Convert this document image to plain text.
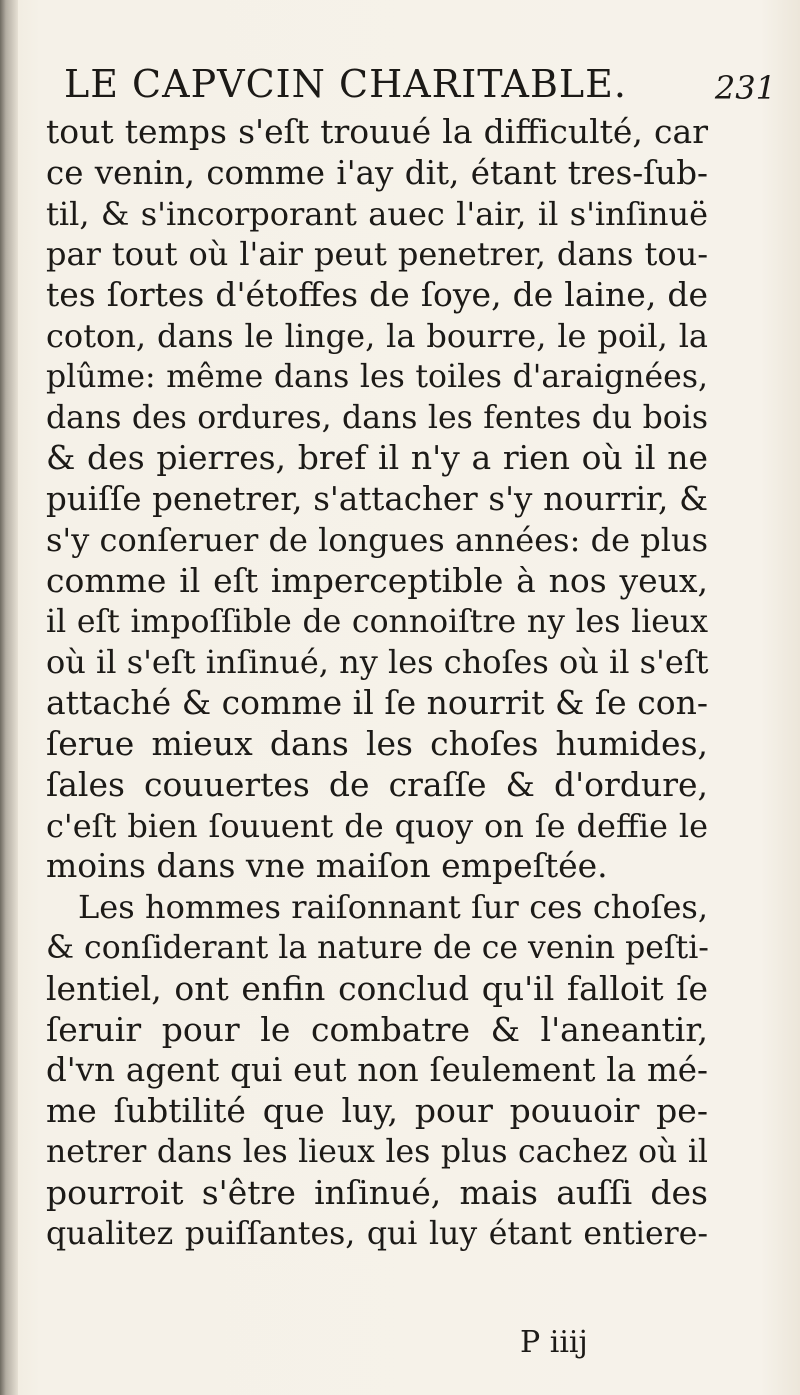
LE CAPVCIN CHARITABLE.	231
tout temps s'eſt trouué la difficulté, car
ce venin, comme i'ay dit, étant tres-ſub-
til, & s'incorporant auec l'air, il s'inſinuë
par tout où l'air peut penetrer, dans tou-
tes ſortes d'étoffes de ſoye, de laine, de
coton, dans le linge, la bourre, le poil, la
plûme: même dans les toiles d'araignées,
dans des ordures, dans les fentes du bois
& des pierres, bref il n'y a rien où il ne
puiſſe penetrer, s'attacher s'y nourrir, &
s'y conſeruer de longues années: de plus
comme il eſt imperceptible à nos yeux,
il eſt impoſſible de connoiſtre ny les lieux
où il s'eſt inſinué, ny les choſes où il s'eſt
attaché & comme il ſe nourrit & ſe con-
ſerue mieux dans les choſes humides,
ſales couuertes de craſſe & d'ordure,
c'eſt bien ſouuent de quoy on ſe deffie le
moins dans vne maiſon empeſtée.
Les hommes raiſonnant ſur ces choſes,
& conſiderant la nature de ce venin peſti-
lentiel, ont enfin conclud qu'il falloit ſe
ſeruir pour le combatre & l'aneantir,
d'vn agent qui eut non ſeulement la mé-
me ſubtilité que luy, pour pouuoir pe-
netrer dans les lieux les plus cachez où il
pourroit s'être inſinué, mais auſſi des
qualitez puiſſantes, qui luy étant entiere-
P iiij
